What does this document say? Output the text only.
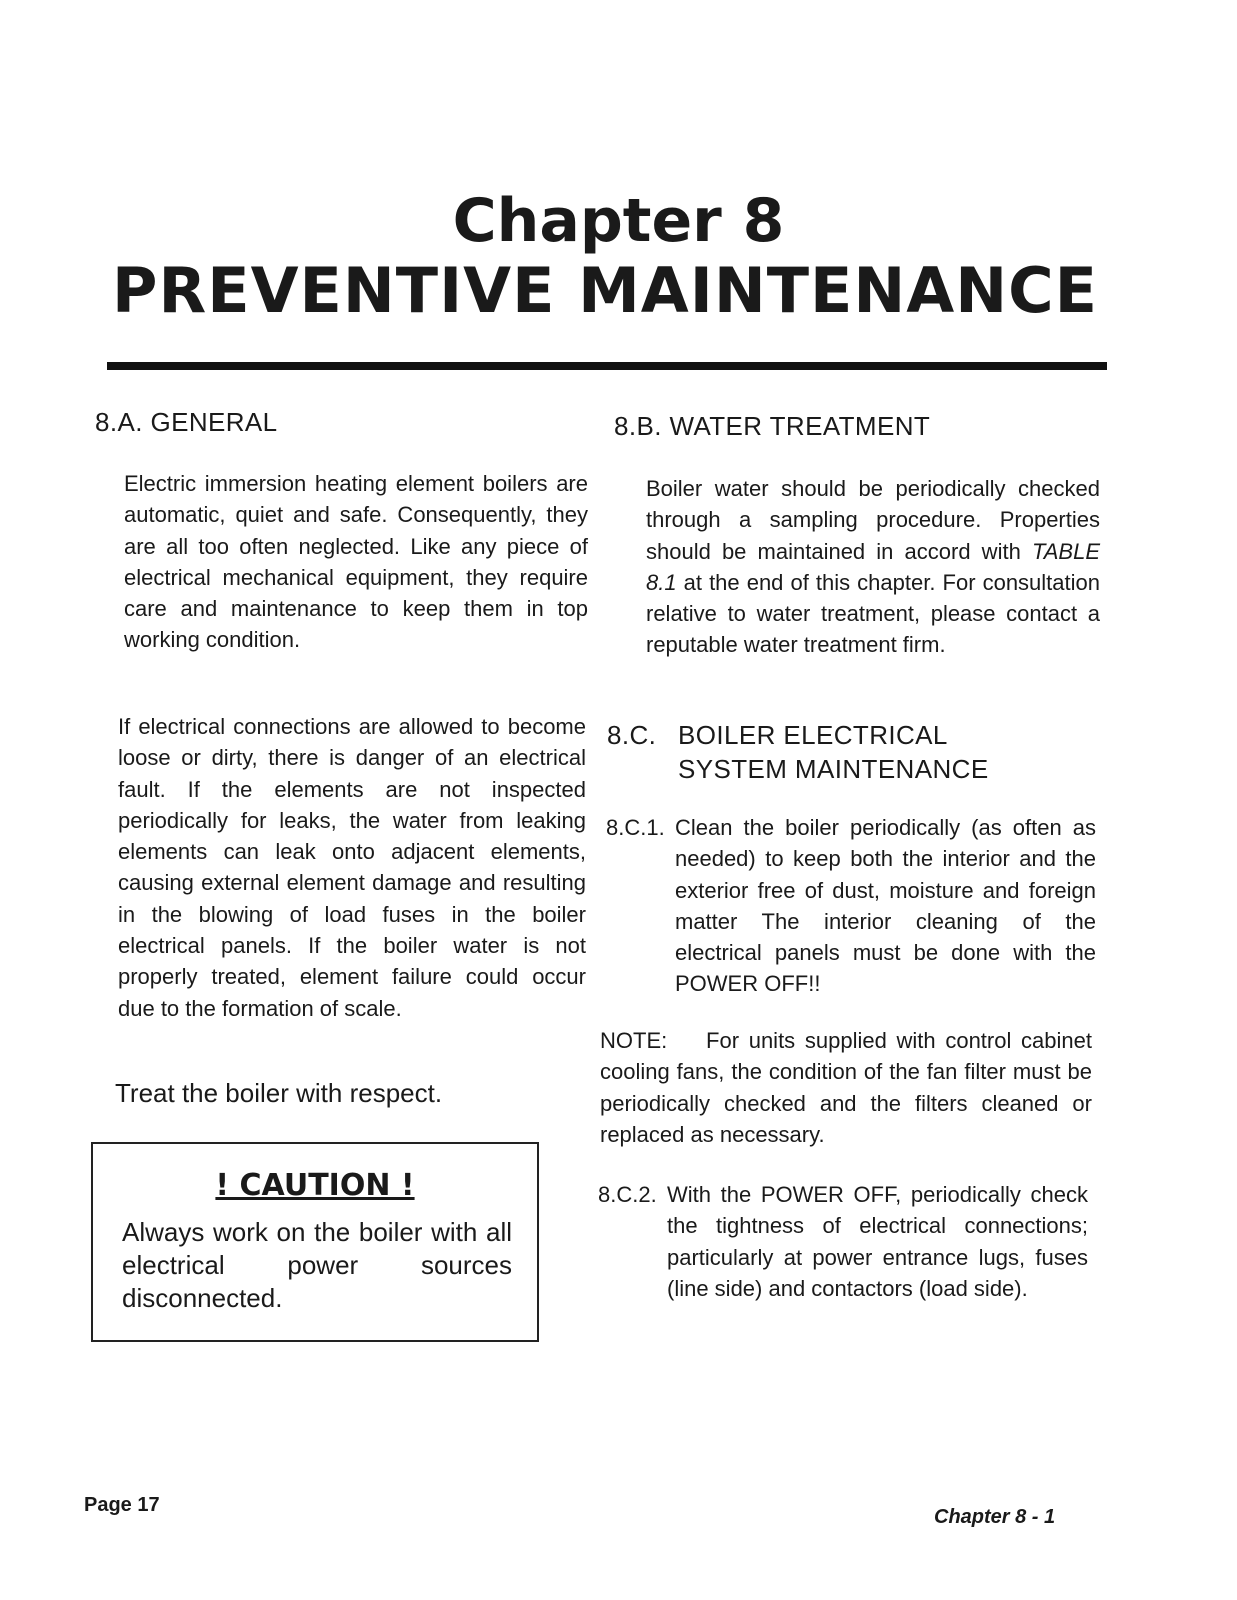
Chapter 8
PREVENTIVE MAINTENANCE
8.A. GENERAL

Electric immersion heating element boilers are automatic, quiet and safe. Consequently, they are all too often neglected. Like any piece of electrical mechanical equipment, they require care and maintenance to keep them in top working condition.

If electrical connections are allowed to become loose or dirty, there is danger of an electrical fault. If the elements are not inspected periodically for leaks, the water from leaking elements can leak onto adjacent elements, causing external element damage and resulting in the blowing of load fuses in the boiler electrical panels. If the boiler water is not properly treated, element failure could occur due to the formation of scale.

Treat the boiler with respect.
! CAUTION !

Always work on the boiler with all electrical power sources disconnected.

8.B. WATER TREATMENT

Boiler water should be periodically checked through a sampling procedure. Properties should be maintained in accord with TABLE 8.1 at the end of this chapter. For consultation relative to water treatment, please contact a reputable water treatment firm.

8.C. BOILER ELECTRICAL
SYSTEM MAINTENANCE
8.C.1. Clean the boiler periodically (as often as needed) to keep both the interior and the exterior free of dust, moisture and foreign matter The interior cleaning of the electrical panels must be done with the POWER OFF!!

NOTE: For units supplied with control cabinet cooling fans, the condition of the fan filter must be periodically checked and the filters cleaned or replaced as necessary.

8.C.2. With the POWER OFF, periodically check the tightness of electrical connections; particularly at power entrance lugs, fuses (line side) and contactors (load side).

Page 17
Chapter 8 - 1
